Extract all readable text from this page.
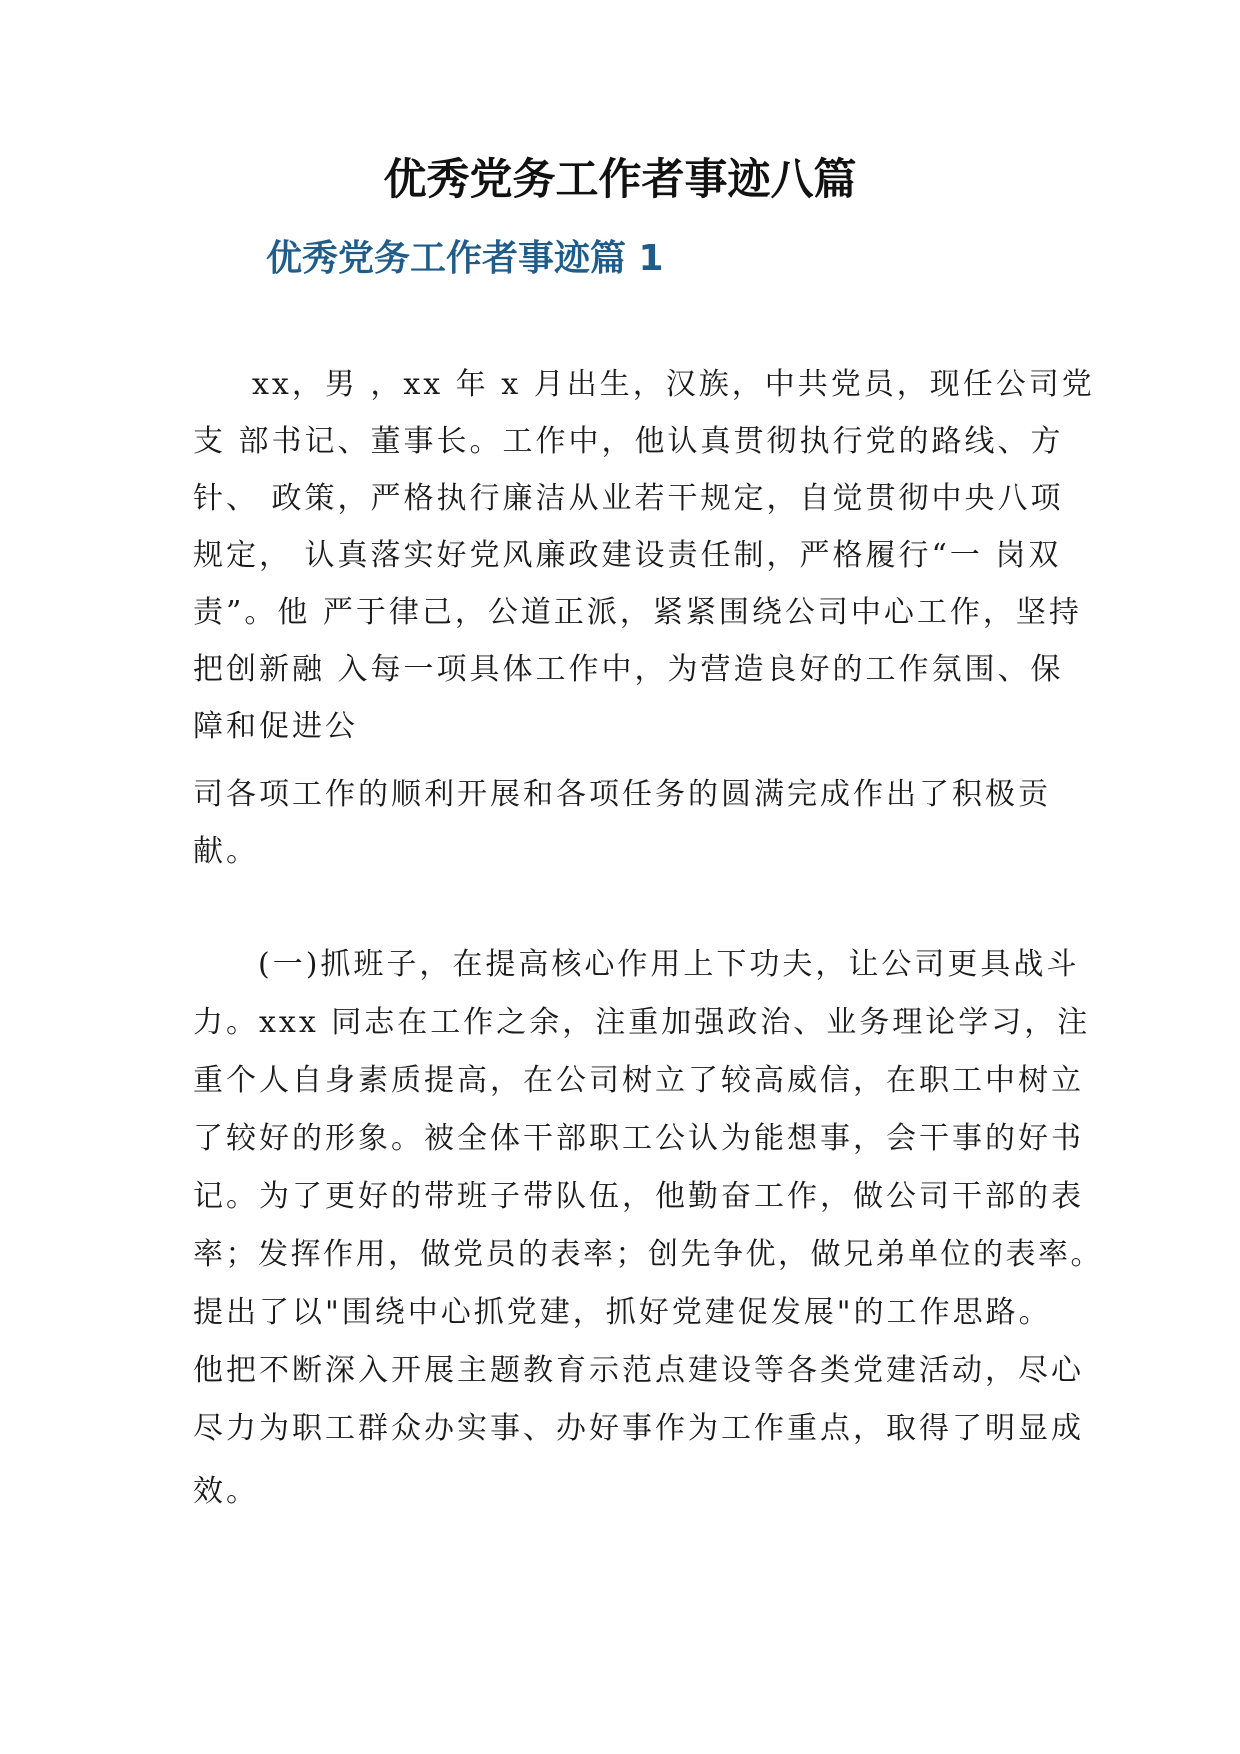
优秀党务工作者事迹八篇
优秀党务工作者事迹篇 1

xx，男 ，xx 年 x 月出生，汉族，中共党员，现任公司党

支 部书记、董事长。工作中，他认真贯彻执行党的路线、方

针、 政策，严格执行廉洁从业若干规定，自觉贯彻中央八项

规定， 认真落实好党风廉政建设责任制，严格履行“一 岗双

责”。他 严于律己，公道正派，紧紧围绕公司中心工作，坚持

把创新融 入每一项具体工作中，为营造良好的工作氛围、保

障和促进公

司各项工作的顺利开展和各项任务的圆满完成作出了积极贡

献。

(一)抓班子，在提高核心作用上下功夫，让公司更具战斗

力。xxx 同志在工作之余，注重加强政治、业务理论学习，注

重个人自身素质提高，在公司树立了较高威信，在职工中树立

了较好的形象。被全体干部职工公认为能想事，会干事的好书

记。为了更好的带班子带队伍，他勤奋工作，做公司干部的表

率；发挥作用，做党员的表率；创先争优，做兄弟单位的表率。

提出了以"围绕中心抓党建，抓好党建促发展"的工作思路。

他把不断深入开展主题教育示范点建设等各类党建活动，尽心

尽力为职工群众办实事、办好事作为工作重点，取得了明显成

效。
